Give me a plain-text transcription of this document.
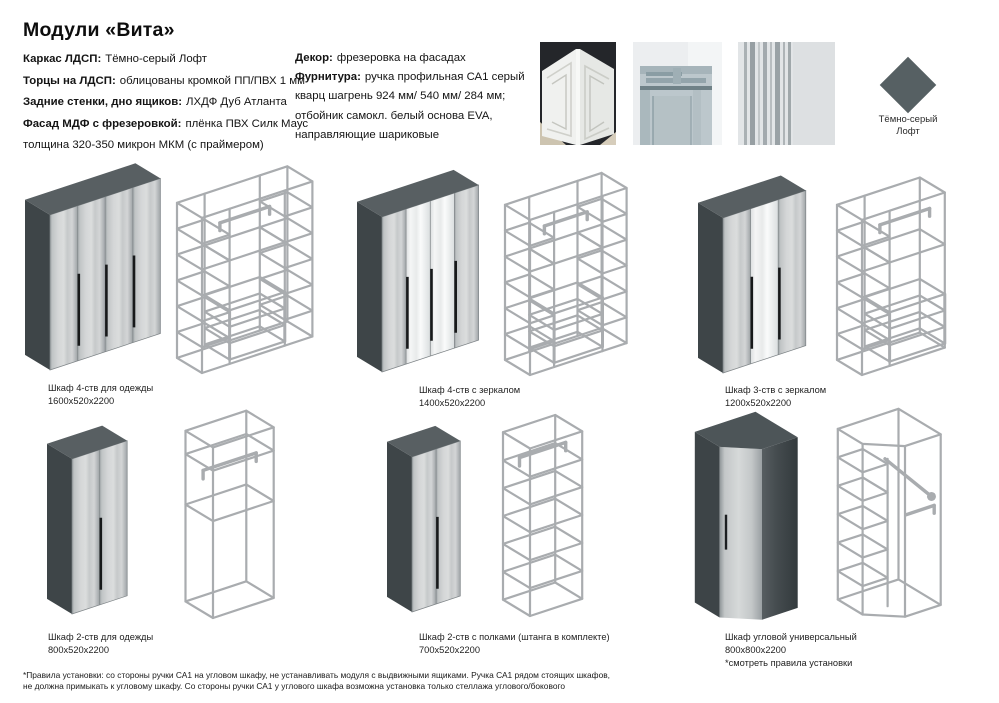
Модули «Вита»
Каркас ЛДСП: Тёмно-серый Лофт
Торцы на ЛДСП: облицованы кромкой ПП/ПВХ 1 мм
Задние стенки, дно ящиков: ЛХДФ Дуб Атланта
Фасад МДФ с фрезеровкой: плёнка ПВХ Силк Маус
толщина 320-350 микрон МКМ (с праймером)
Декор: фрезеровка на фасадах
Фурнитура: ручка профильная СА1 серый
кварц шагрень 924 мм/ 540 мм/ 284 мм;
отбойник самокл. белый основа EVA,
направляющие шариковые
Тёмно-серый
Лофт
Шкаф 4-ств для одежды
1600х520х2200
Шкаф 4-ств с зеркалом
1400х520х2200
Шкаф 3-ств с зеркалом
1200х520х2200
Шкаф 2-ств для одежды
800х520х2200
Шкаф 2-ств с полками (штанга в комплекте)
700х520х2200
Шкаф угловой универсальный
800х800х2200
*смотреть правила установки
*Правила установки: со стороны ручки СА1 на угловом шкафу, не устанавливать модуля с выдвижными ящиками. Ручка СА1 рядом стоящих шкафов,
не должна примыкать к угловому шкафу. Со стороны ручки СА1 у углового шкафа возможна установка только стеллажа углового/бокового
